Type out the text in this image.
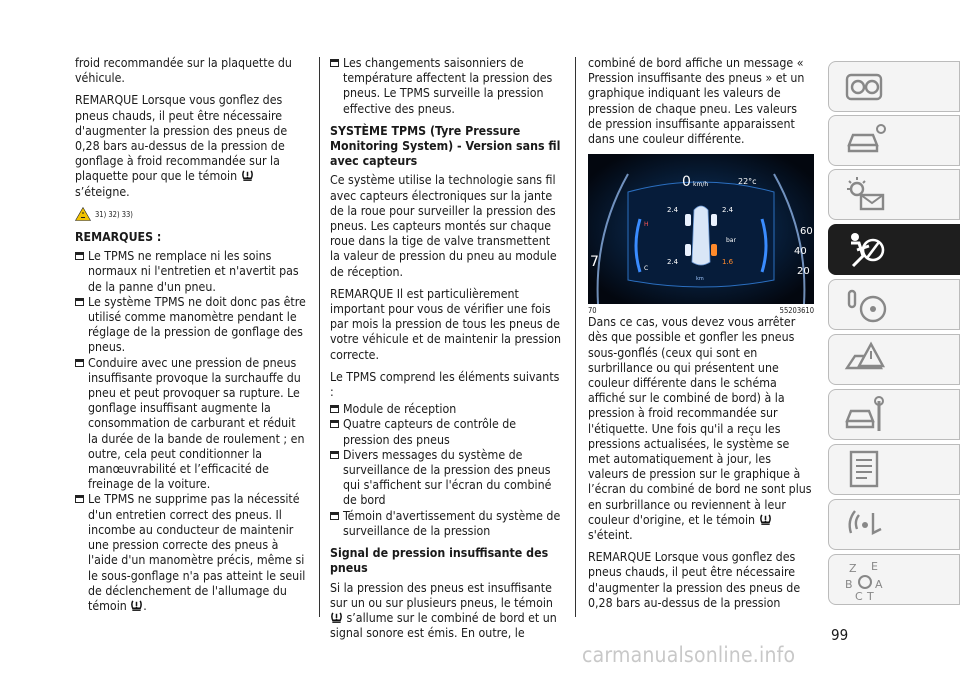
froid recommandée sur la plaquette du véhicule.

REMARQUE Lorsque vous gonflez des pneus chauds, il peut être nécessaire d'augmenter la pression des pneus de 0,28 bars au-dessus de la pression de gonflage à froid recommandée sur la plaquette pour que le témoin  s’éteigne.

31) 32) 33)

REMARQUES :

Le TPMS ne remplace ni les soins normaux ni l'entretien et n'avertit pas de la panne d'un pneu.

Le système TPMS ne doit donc pas être utilisé comme manomètre pendant le réglage de la pression de gonflage des pneus.

Conduire avec une pression de pneus insuffisante provoque la surchauffe du pneu et peut provoquer sa rupture. Le gonflage insuffisant augmente la consommation de carburant et réduit la durée de la bande de roulement ; en outre, cela peut conditionner la manœuvrabilité et l’efficacité de freinage de la voiture.

Le TPMS ne supprime pas la nécessité d'un entretien correct des pneus. Il incombe au conducteur de maintenir une pression correcte des pneus à l'aide d'un manomètre précis, même si le sous-gonflage n'a pas atteint le seuil de déclenchement de l'allumage du témoin .

Les changements saisonniers de température affectent la pression des pneus. Le TPMS surveille la pression effective des pneus.

SYSTÈME TPMS (Tyre Pressure Monitoring System) - Version sans fil avec capteurs

Ce système utilise la technologie sans fil avec capteurs électroniques sur la jante de la roue pour surveiller la pression des pneus. Les capteurs montés sur chaque roue dans la tige de valve transmettent la valeur de pression du pneu au module de réception.

REMARQUE Il est particulièrement important pour vous de vérifier une fois par mois la pression de tous les pneus de votre véhicule et de maintenir la pression correcte.

Le TPMS comprend les éléments suivants :

Module de réception

Quatre capteurs de contrôle de pression des pneus

Divers messages du système de surveillance de la pression des pneus qui s'affichent sur l'écran du combiné de bord

Témoin d'avertissement du système de surveillance de la pression

Signal de pression insuffisante des pneus

Si la pression des pneus est insuffisante sur un ou sur plusieurs pneus, le témoin  s’allume sur le combiné de bord et un signal sonore est émis. En outre, le

combiné de bord affiche un message « Pression insuffisante des pneus » et un graphique indiquant les valeurs de pression de chaque pneu. Les valeurs de pression insuffisante apparaissent dans une couleur différente.

0 km/h	22°c
2.4	2.4
2.4	1.6
bar
H
C
km
7
60
40
20
70	55203610

Dans ce cas, vous devez vous arrêter dès que possible et gonfler les pneus sous-gonflés (ceux qui sont en surbrillance ou qui présentent une couleur différente dans le schéma affiché sur le combiné de bord) à la pression à froid recommandée sur l'étiquette. Une fois qu'il a reçu les pressions actualisées, le système se met automatiquement à jour, les valeurs de pression sur le graphique à l’écran du combiné de bord ne sont plus en surbrillance ou reviennent à leur couleur d'origine, et le témoin  s'éteint.

REMARQUE Lorsque vous gonflez des pneus chauds, il peut être nécessaire d'augmenter la pression des pneus de 0,28 bars au-dessus de la pression

Z E
B A
C T
99
carmanualsonline.info
